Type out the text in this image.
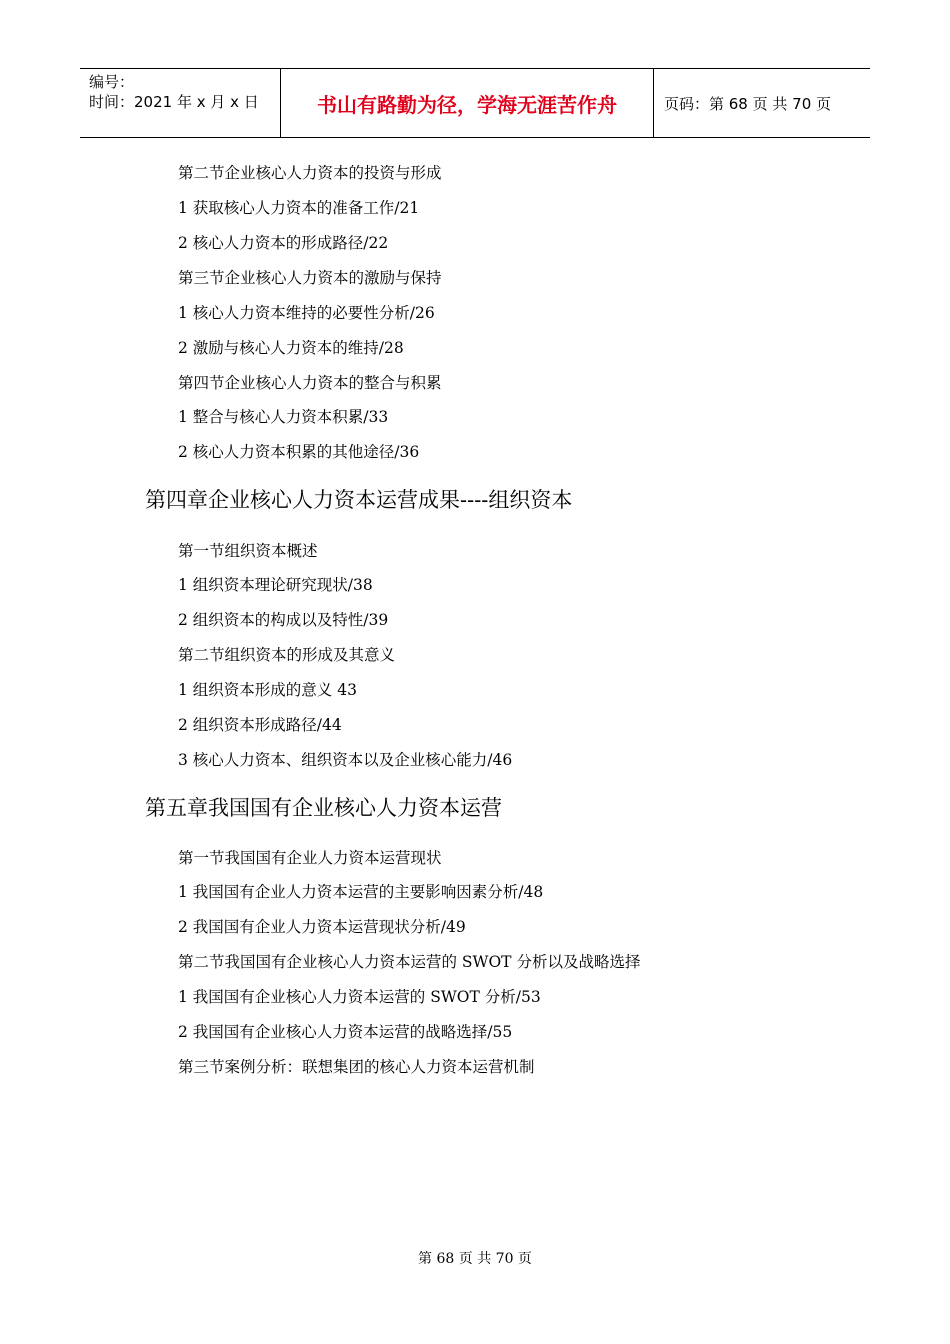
编号：
时间：2021 年 x 月 x 日	书山有路勤为径，学海无涯苦作舟	页码：第 68 页 共 70 页
第二节企业核心人力资本的投资与形成
1 获取核心人力资本的准备工作/21
2 核心人力资本的形成路径/22
第三节企业核心人力资本的激励与保持
1 核心人力资本维持的必要性分析/26
2 激励与核心人力资本的维持/28
第四节企业核心人力资本的整合与积累
1 整合与核心人力资本积累/33
2 核心人力资本积累的其他途径/36
第四章企业核心人力资本运营成果----组织资本
第一节组织资本概述
1 组织资本理论研究现状/38
2 组织资本的构成以及特性/39
第二节组织资本的形成及其意义
1 组织资本形成的意义 43
2 组织资本形成路径/44
3 核心人力资本、组织资本以及企业核心能力/46
第五章我国国有企业核心人力资本运营
第一节我国国有企业人力资本运营现状
1 我国国有企业人力资本运营的主要影响因素分析/48
2 我国国有企业人力资本运营现状分析/49
第二节我国国有企业核心人力资本运营的 SWOT 分析以及战略选择
1 我国国有企业核心人力资本运营的 SWOT 分析/53
2 我国国有企业核心人力资本运营的战略选择/55
第三节案例分析：联想集团的核心人力资本运营机制
第 68 页 共 70 页
